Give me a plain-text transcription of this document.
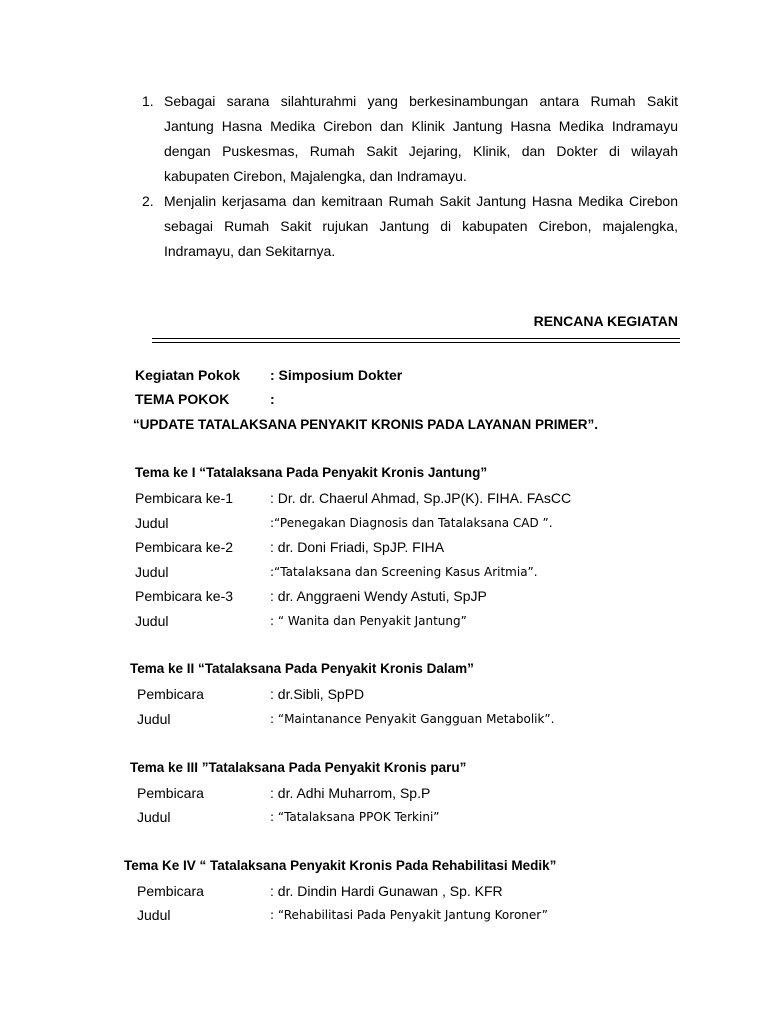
1. Sebagai sarana silahturahmi yang berkesinambungan antara Rumah Sakit Jantung Hasna Medika Cirebon dan Klinik Jantung Hasna Medika Indramayu dengan Puskesmas, Rumah Sakit Jejaring, Klinik, dan Dokter di wilayah kabupaten Cirebon, Majalengka, dan Indramayu.
2. Menjalin kerjasama dan kemitraan Rumah Sakit Jantung Hasna Medika Cirebon sebagai Rumah Sakit rujukan Jantung di kabupaten Cirebon, majalengka, Indramayu, dan Sekitarnya.
RENCANA KEGIATAN
Kegiatan Pokok : Simposium Dokter
TEMA POKOK	:
“UPDATE TATALAKSANA PENYAKIT KRONIS PADA LAYANAN PRIMER”.
Tema ke I “Tatalaksana Pada Penyakit Kronis Jantung”
Pembicara ke-1	: Dr. dr. Chaerul Ahmad, Sp.JP(K). FIHA. FAsCC
Judul	:“Penegakan Diagnosis dan Tatalaksana CAD ”.
Pembicara ke-2	: dr. Doni Friadi, SpJP. FIHA
Judul	:“Tatalaksana dan Screening Kasus Aritmia”.
Pembicara ke-3	: dr. Anggraeni Wendy Astuti, SpJP
Judul	: “ Wanita dan Penyakit Jantung”
Tema ke II “Tatalaksana Pada Penyakit Kronis Dalam”
Pembicara	: dr.Sibli, SpPD
Judul	: “Maintanance Penyakit Gangguan Metabolik”.
Tema ke III ”Tatalaksana Pada Penyakit Kronis paru”
Pembicara	: dr. Adhi Muharrom, Sp.P
Judul	: “Tatalaksana PPOK Terkini”
Tema Ke IV “ Tatalaksana Penyakit Kronis Pada Rehabilitasi Medik”
Pembicara	: dr. Dindin Hardi Gunawan , Sp. KFR
Judul	: “Rehabilitasi Pada Penyakit Jantung Koroner”
